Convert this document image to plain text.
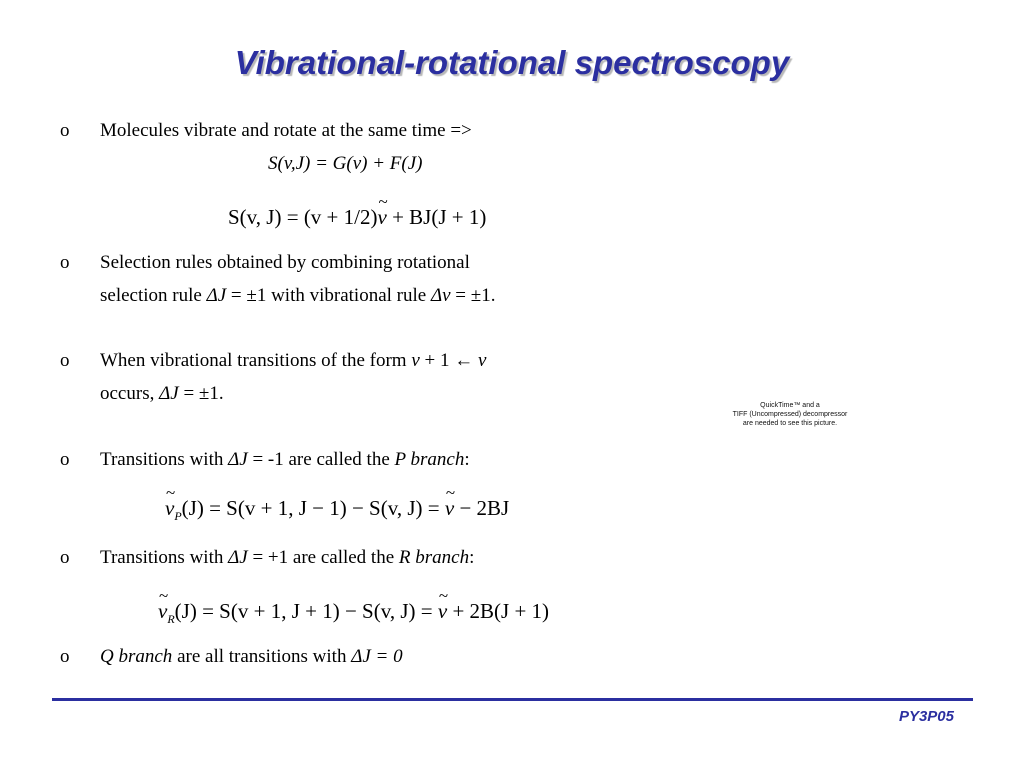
Vibrational-rotational spectroscopy
o Molecules vibrate and rotate at the same time =>
S(v,J) = G(v) + F(J)
S(v, J) = (v + 1/2)~ v + BJ(J + 1)
o Selection rules obtained by combining rotational
selection rule ΔJ = ±1 with vibrational rule Δv = ±1.
o When vibrational transitions of the form v + 1 ← v
occurs, ΔJ = ±1.
QuickTime™ and a
TIFF (Uncompressed) decompressor
are needed to see this picture.
o Transitions with ΔJ = -1 are called the P branch:
~ $v_P(J) = S(v + 1$, J − 1) − S(v, J) = ~ v − 2BJ
o Transitions with ΔJ = +1 are called the R branch:
~ $v_R(J) = S(v + 1$, J + 1) − S(v, J) = ~ v + 2B(J + 1)
o Q branch are all transitions with ΔJ = 0
PY3P05
